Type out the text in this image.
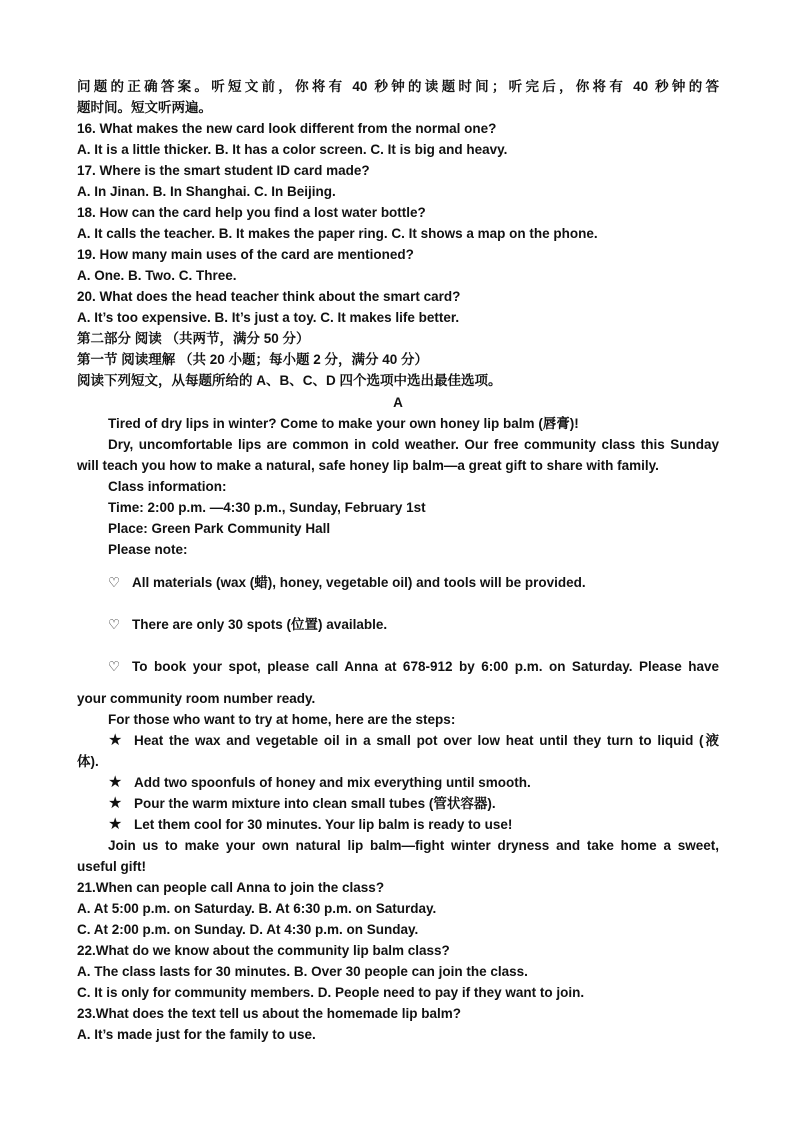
问题的正确答案。听短文前，你将有 40 秒钟的读题时间；听完后，你将有 40 秒钟的答
题时间。短文听两遍。
16. What makes the new card look different from the normal one?
A. It is a little thicker. B. It has a color screen. C. It is big and heavy.
17. Where is the smart student ID card made?
A. In Jinan. B. In Shanghai. C. In Beijing.
18. How can the card help you find a lost water bottle?
A. It calls the teacher. B. It makes the paper ring. C. It shows a map on the phone.
19. How many main uses of the card are mentioned?
A. One. B. Two. C. Three.
20. What does the head teacher think about the smart card?
A. It’s too expensive. B. It’s just a toy. C. It makes life better.
第二部分 阅读 （共两节，满分 50 分）
第一节 阅读理解 （共 20 小题；每小题 2 分，满分 40 分）
阅读下列短文，从每题所给的 A、B、C、D 四个选项中选出最佳选项。
A
Tired of dry lips in winter? Come to make your own honey lip balm (唇膏)!
Dry, uncomfortable lips are common in cold weather. Our free community class this Sunday
will teach you how to make a natural, safe honey lip balm—a great gift to share with family.
Class information:
Time: 2:00 p.m. —4:30 p.m., Sunday, February 1st
Place: Green Park Community Hall
Please note:
♡ All materials (wax (蜡), honey, vegetable oil) and tools will be provided.
♡ There are only 30 spots (位置) available.
♡ To book your spot, please call Anna at 678-912 by 6:00 p.m. on Saturday. Please have
your community room number ready.
For those who want to try at home, here are the steps:
★ Heat the wax and vegetable oil in a small pot over low heat until they turn to liquid (液
体).
★ Add two spoonfuls of honey and mix everything until smooth.
★ Pour the warm mixture into clean small tubes (管状容器).
★ Let them cool for 30 minutes. Your lip balm is ready to use!
Join us to make your own natural lip balm—fight winter dryness and take home a sweet,
useful gift!
21.When can people call Anna to join the class?
A. At 5:00 p.m. on Saturday. B. At 6:30 p.m. on Saturday.
C. At 2:00 p.m. on Sunday. D. At 4:30 p.m. on Sunday.
22.What do we know about the community lip balm class?
A. The class lasts for 30 minutes. B. Over 30 people can join the class.
C. It is only for community members. D. People need to pay if they want to join.
23.What does the text tell us about the homemade lip balm?
A. It’s made just for the family to use.
